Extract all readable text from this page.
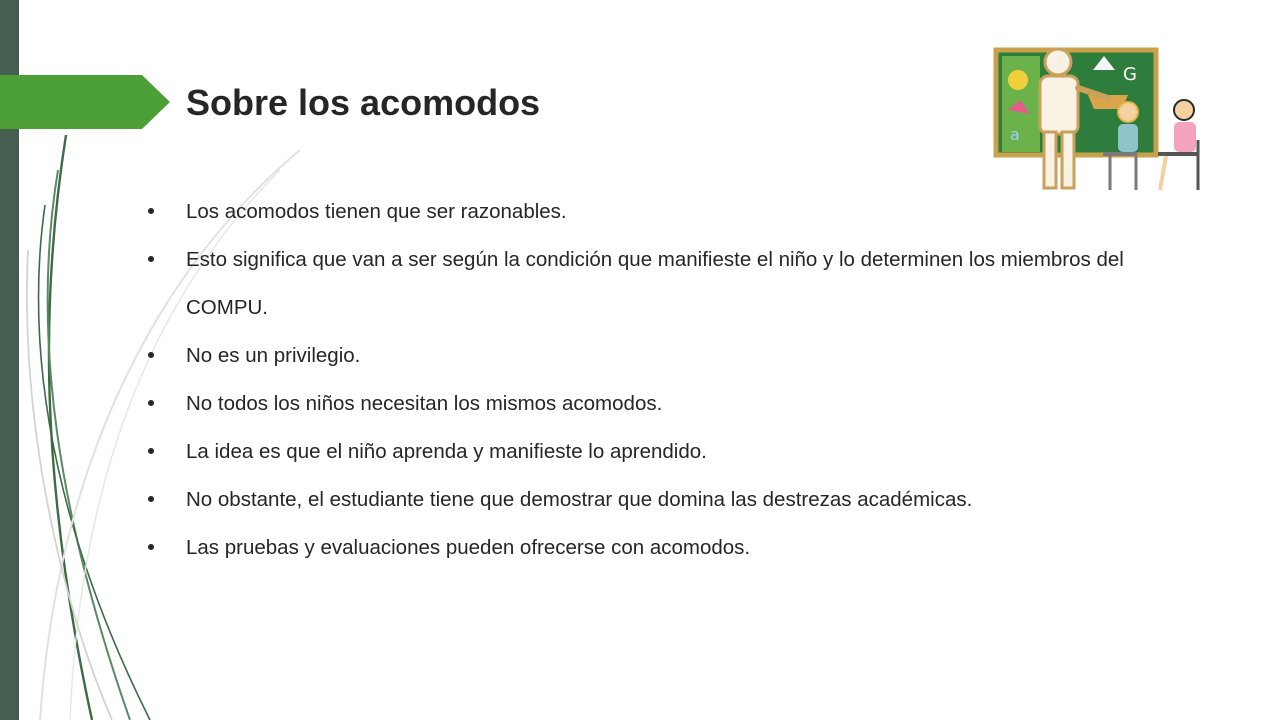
Sobre los acomodos
a
G
Los acomodos tienen que ser razonables.
Esto significa que van a ser según la condición que manifieste el niño y lo determinen los miembros del COMPU.
No es un privilegio.
No todos los niños necesitan los mismos acomodos.
La idea es que el niño aprenda y manifieste lo aprendido.
No obstante, el estudiante tiene que demostrar que domina las destrezas académicas.
Las pruebas y evaluaciones pueden ofrecerse con acomodos.
